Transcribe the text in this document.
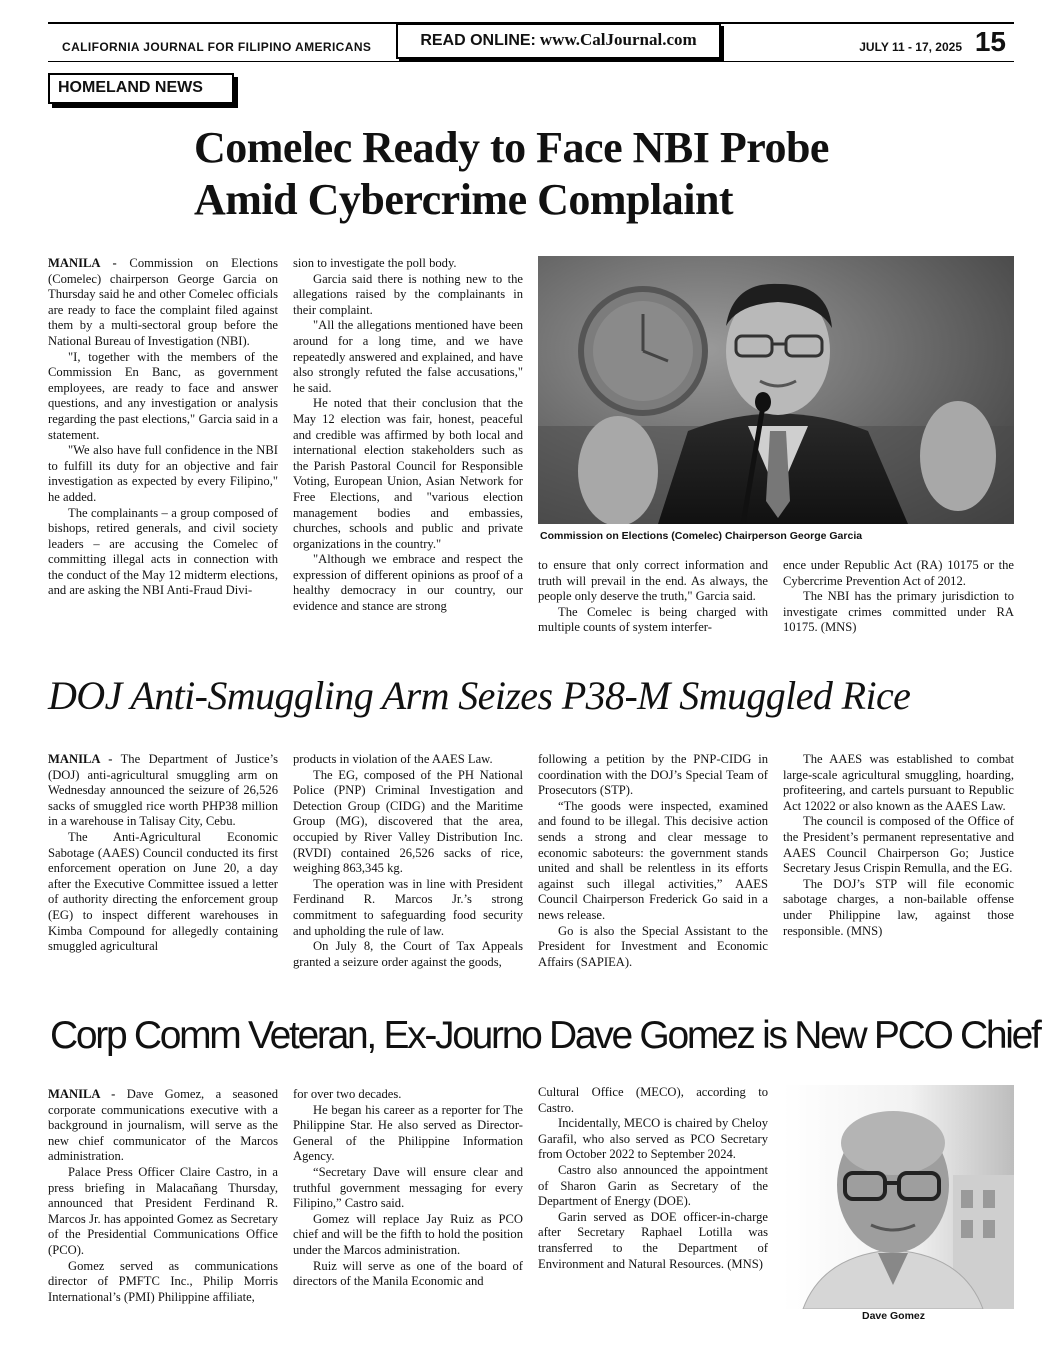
CALIFORNIA JOURNAL FOR FILIPINO AMERICANS	READ ONLINE: www.CalJournal.com	JULY 11 - 17, 2025 15
HOMELAND NEWS
Comelec Ready to Face NBI Probe
Amid Cybercrime Complaint

MANILA - Commission on Elections (Comelec) chairperson George Garcia on Thursday said he and other Comelec officials are ready to face the complaint filed against them by a multi-sectoral group before the National Bureau of Investigation (NBI).

"I, together with the members of the Commission En Banc, as government employees, are ready to face and answer questions, and any investigation or analysis regarding the past elections," Garcia said in a statement.

"We also have full confidence in the NBI to fulfill its duty for an objective and fair investigation as expected by every Filipino," he added.

The complainants – a group composed of bishops, retired generals, and civil society leaders – are accusing the Comelec of committing illegal acts in connection with the conduct of the May 12 midterm elections, and are asking the NBI Anti-Fraud Divi-

sion to investigate the poll body.

Garcia said there is nothing new to the allegations raised by the complainants in their complaint.

"All the allegations mentioned have been around for a long time, and we have repeatedly answered and explained, and have also strongly refuted the false accusations," he said.

He noted that their conclusion that the May 12 election was fair, honest, peaceful and credible was affirmed by both local and international election stakeholders such as the Parish Pastoral Council for Responsible Voting, European Union, Asian Network for Free Elections, and "various election management bodies and embassies, churches, schools and public and private organizations in the country."

"Although we embrace and respect the expression of different opinions as proof of a healthy democracy in our country, our evidence and stance are strong

Commission on Elections (Comelec) Chairperson George Garcia

to ensure that only correct information and truth will prevail in the end. As always, the people only deserve the truth," Garcia said.

The Comelec is being charged with multiple counts of system interfer-

ence under Republic Act (RA) 10175 or the Cybercrime Prevention Act of 2012.

The NBI has the primary jurisdiction to investigate crimes committed under RA 10175. (MNS)

DOJ Anti-Smuggling Arm Seizes P38-M Smuggled Rice

MANILA - The Department of Justice’s (DOJ) anti-agricultural smuggling arm on Wednesday announced the seizure of 26,526 sacks of smuggled rice worth PHP38 million in a warehouse in Talisay City, Cebu.

The Anti-Agricultural Economic Sabotage (AAES) Council conducted its first enforcement operation on June 20, a day after the Executive Committee issued a letter of authority directing the enforcement group (EG) to inspect different warehouses in Kimba Compound for allegedly containing smuggled agricultural

products in violation of the AAES Law.

The EG, composed of the PH National Police (PNP) Criminal Investigation and Detection Group (CIDG) and the Maritime Group (MG), discovered that the area, occupied by River Valley Distribution Inc. (RVDI) contained 26,526 sacks of rice, weighing 863,345 kg.

The operation was in line with President Ferdinand R. Marcos Jr.’s strong commitment to safeguarding food security and upholding the rule of law.

On July 8, the Court of Tax Appeals granted a seizure order against the goods,

following a petition by the PNP-CIDG in coordination with the DOJ’s Special Team of Prosecutors (STP).

“The goods were inspected, examined and found to be illegal. This decisive action sends a strong and clear message to economic saboteurs: the government stands united and shall be relentless in its efforts against such illegal activities,” AAES Council Chairperson Frederick Go said in a news release.

Go is also the Special Assistant to the President for Investment and Economic Affairs (SAPIEA).

The AAES was established to combat large-scale agricultural smuggling, hoarding, profiteering, and cartels pursuant to Republic Act 12022 or also known as the AAES Law.

The council is composed of the Office of the President’s permanent representative and AAES Council Chairperson Go; Justice Secretary Jesus Crispin Remulla, and the EG.

The DOJ’s STP will file economic sabotage charges, a non-bailable offense under Philippine law, against those responsible. (MNS)

Corp Comm Veteran, Ex-Journo Dave Gomez is New PCO Chief

MANILA - Dave Gomez, a seasoned corporate communications executive with a background in journalism, will serve as the new chief communicator of the Marcos administration.

Palace Press Officer Claire Castro, in a press briefing in Malacañang Thursday, announced that President Ferdinand R. Marcos Jr. has appointed Gomez as Secretary of the Presidential Communications Office (PCO).

Gomez served as communications director of PMFTC Inc., Philip Morris International’s (PMI) Philippine affiliate,

for over two decades.

He began his career as a reporter for The Philippine Star. He also served as Director-General of the Philippine Information Agency.

“Secretary Dave will ensure clear and truthful government messaging for every Filipino,” Castro said.

Gomez will replace Jay Ruiz as PCO chief and will be the fifth to hold the position under the Marcos administration.

Ruiz will serve as one of the board of directors of the Manila Economic and

Cultural Office (MECO), according to Castro.

Incidentally, MECO is chaired by Cheloy Garafil, who also served as PCO Secretary from October 2022 to September 2024.

Castro also announced the appointment of Sharon Garin as Secretary of the Department of Energy (DOE).

Garin served as DOE officer-in-charge after Secretary Raphael Lotilla was transferred to the Department of Environment and Natural Resources. (MNS)

Dave Gomez
